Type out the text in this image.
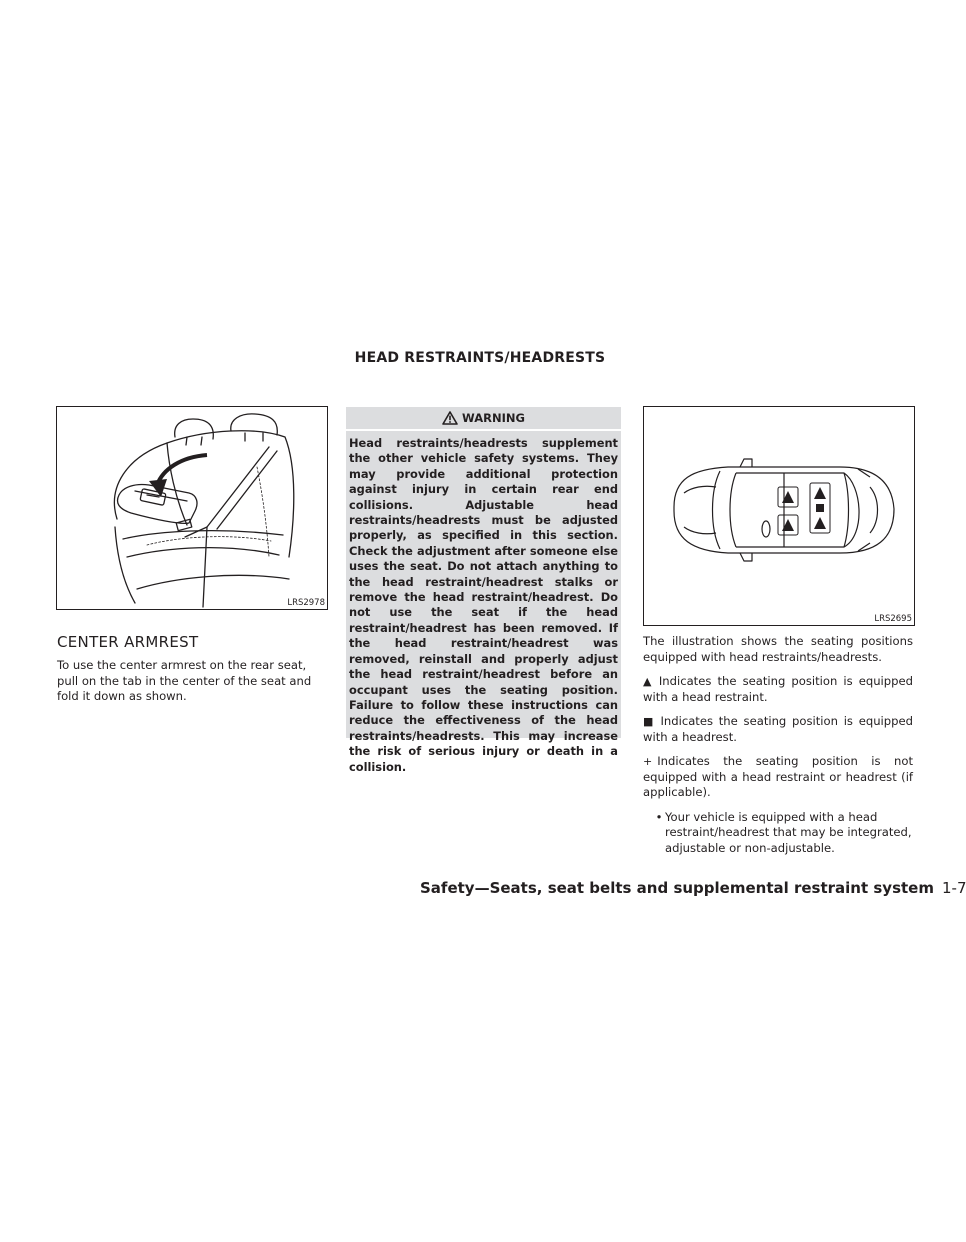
HEAD RESTRAINTS/HEADRESTS
LRS2978
CENTER ARMREST

To use the center armrest on the rear seat, pull on the tab in the center of the seat and fold it down as shown.

WARNING
Head restraints/headrests supplement the other vehicle safety systems. They may provide additional protection against injury in certain rear end collisions. Adjustable head restraints/headrests must be adjusted properly, as specified in this section. Check the adjustment after someone else uses the seat. Do not attach anything to the head restraint/headrest stalks or remove the head restraint/headrest. Do not use the seat if the head restraint/headrest has been removed. If the head restraint/headrest was removed, reinstall and properly adjust the head restraint/headrest before an occupant uses the seating position. Failure to follow these instructions can reduce the effectiveness of the head restraints/headrests. This may increase the risk of serious injury or death in a collision.
LRS2695

The illustration shows the seating positions equipped with head restraints/headrests.

▲ Indicates the seating position is equipped with a head restraint.

■ Indicates the seating position is equipped with a headrest.

+ Indicates the seating position is not equipped with a head restraint or headrest (if applicable).

• Your vehicle is equipped with a head restraint/headrest that may be integrated, adjustable or non-adjustable.
Safety—Seats, seat belts and supplemental restraint system 1-7
